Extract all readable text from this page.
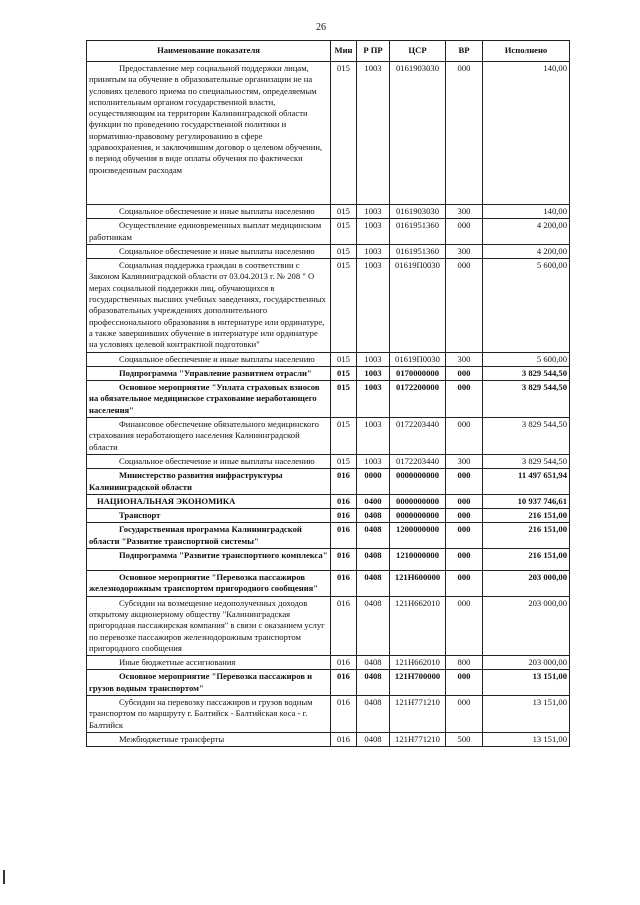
26
Наименование показателя	Мин	Р ПР	ЦСР	ВР	Исполнено
Предоставление мер социальной поддержки лицам, принятым на обучение в образовательные организации не на условиях целевого приема по специальностям, определяемым исполнительным органом государственной власти, осуществляющим на территории Калининградской области функции по проведению государственной политики и нормативно-правовому регулированию в сфере здравоохранения, и заключившим договор о целевом обучении, в период обучения в виде оплаты обучения по фактически произведенным расходам	015	1003	0161903030	000	140,00
Социальное обеспечение и иные выплаты населению	015	1003	0161903030	300	140,00
Осуществление единовременных выплат медицинским работникам	015	1003	0161951360	000	4 200,00
Социальное обеспечение и иные выплаты населению	015	1003	0161951360	300	4 200,00
Социальная поддержка граждан в соответствии с Законом Калининградской области от 03.04.2013 г. № 208 " О мерах социальной поддержки лиц, обучающихся в государственных высших учебных заведениях, государственных образовательных учреждениях дополнительного профессионального образования в интернатуре или ординатуре, а также завершивших обучение в интернатуре или ординатуре на условиях целевой контрактной подготовки"	015	1003	01619П0030	000	5 600,00
Социальное обеспечение и иные выплаты населению	015	1003	01619П0030	300	5 600,00
Подпрограмма "Управление развитием отрасли"	015	1003	0170000000	000	3 829 544,50
Основное мероприятие "Уплата страховых взносов на обязательное медицинское страхование неработающего населения"	015	1003	0172200000	000	3 829 544,50
Финансовое обеспечение обязательного медицинского страхования неработающего населения Калининградской области	015	1003	0172203440	000	3 829 544,50
Социальное обеспечение и иные выплаты населению	015	1003	0172203440	300	3 829 544,50
Министерство развития инфраструктуры Калининградской области	016	0000	0000000000	000	11 497 651,94
НАЦИОНАЛЬНАЯ ЭКОНОМИКА	016	0400	0000000000	000	10 937 746,61
Транспорт	016	0408	0000000000	000	216 151,00
Государственная программа Калининградской области "Развитие транспортной системы"	016	0408	1200000000	000	216 151,00
Подпрограмма "Развитие транспортного комплекса"	016	0408	1210000000	000	216 151,00
Основное мероприятие "Перевозка пассажиров железнодорожным транспортом пригородного сообщения"	016	0408	121Н600000	000	203 000,00
Субсидии на возмещение недополученных доходов открытому акционерному обществу "Калининградская пригородная пассажирская компания" в связи с оказанием услуг по перевозке пассажиров железнодорожным транспортом пригородного сообщения	016	0408	121Н662010	000	203 000,00
Иные бюджетные ассигнования	016	0408	121Н662010	800	203 000,00
Основное мероприятие "Перевозка пассажиров и грузов водным транспортом"	016	0408	121Н700000	000	13 151,00
Субсидии на перевозку пассажиров и грузов водным транспортом по маршруту г. Балтийск - Балтийская коса - г. Балтийск	016	0408	121Н771210	000	13 151,00
Межбюджетные трансферты	016	0408	121Н771210	500	13 151,00
